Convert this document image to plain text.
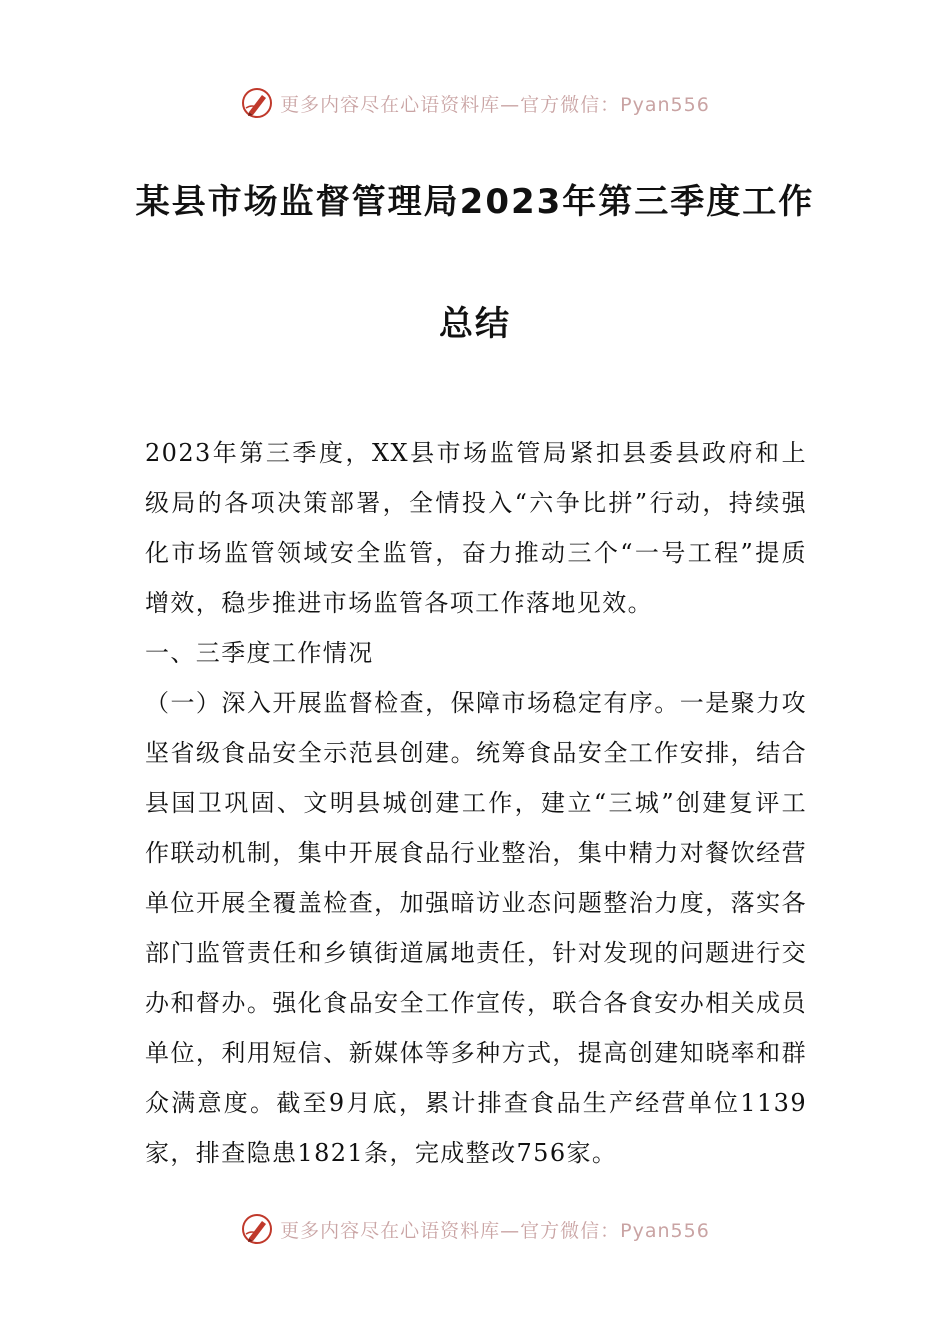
更多内容尽在心语资料库—官方微信：Pyan556
某县市场监督管理局2023年第三季度工作
总结

2023年第三季度，XX县市场监管局紧扣县委县政府和上级局的各项决策部署，全情投入“六争比拼”行动，持续强化市场监管领域安全监管，奋力推动三个“一号工程”提质增效，稳步推进市场监管各项工作落地见效。

一、三季度工作情况

（一）深入开展监督检查，保障市场稳定有序。一是聚力攻坚省级食品安全示范县创建。统筹食品安全工作安排，结合县国卫巩固、文明县城创建工作，建立“三城”创建复评工作联动机制，集中开展食品行业整治，集中精力对餐饮经营单位开展全覆盖检查，加强暗访业态问题整治力度，落实各部门监管责任和乡镇街道属地责任，针对发现的问题进行交办和督办。强化食品安全工作宣传，联合各食安办相关成员单位，利用短信、新媒体等多种方式，提高创建知晓率和群众满意度。截至9月底，累计排查食品生产经营单位1139家，排查隐患1821条，完成整改756家。

更多内容尽在心语资料库—官方微信：Pyan556
